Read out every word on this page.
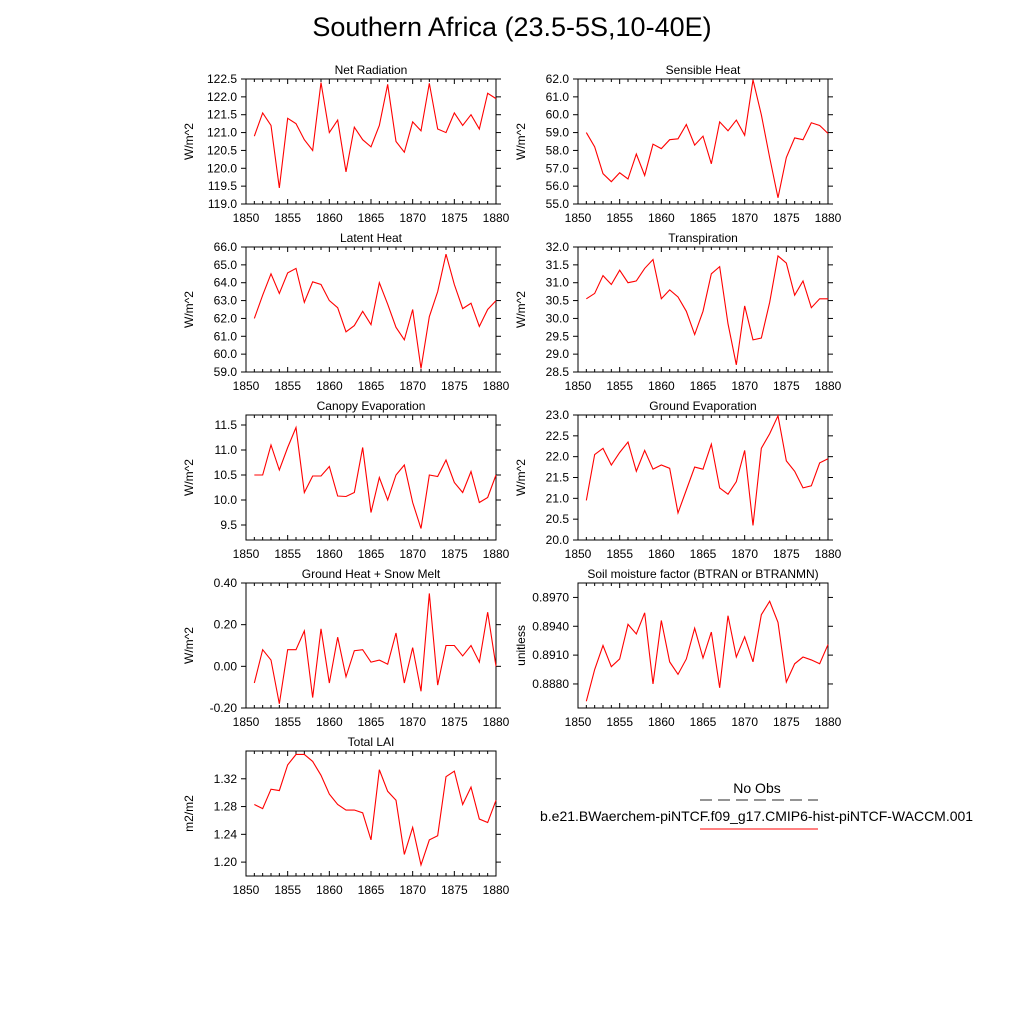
Southern Africa (23.5-5S,10-40E)
Net Radiation
W/m^2
1850 1855 1860 1865 1870 1875 1880
119.0
119.5
120.0
120.5
121.0
121.5
122.0
122.5
Sensible Heat
W/m^2
1850 1855 1860 1865 1870 1875 1880
55.0
56.0
57.0
58.0
59.0
60.0
61.0
62.0
Latent Heat
W/m^2
1850 1855 1860 1865 1870 1875 1880
59.0
60.0
61.0
62.0
63.0
64.0
65.0
66.0
Transpiration
W/m^2
1850 1855 1860 1865 1870 1875 1880
28.5
29.0
29.5
30.0
30.5
31.0
31.5
32.0
Canopy Evaporation
W/m^2
1850 1855 1860 1865 1870 1875 1880
9.5
10.0
10.5
11.0
11.5
Ground Evaporation
W/m^2
1850 1855 1860 1865 1870 1875 1880
20.0
20.5
21.0
21.5
22.0
22.5
23.0
Ground Heat + Snow Melt
W/m^2
1850 1855 1860 1865 1870 1875 1880
-0.20
0.00
0.20
0.40
Soil moisture factor (BTRAN or BTRANMN)
unitless
1850 1855 1860 1865 1870 1875 1880
0.8880
0.8910
0.8940
0.8970
Total LAI
m2/m2
1850 1855 1860 1865 1870 1875 1880
1.20
1.24
1.28
1.32
No Obs
b.e21.BWaerchem-piNTCF.f09_g17.CMIP6-hist-piNTCF-WACCM.001
